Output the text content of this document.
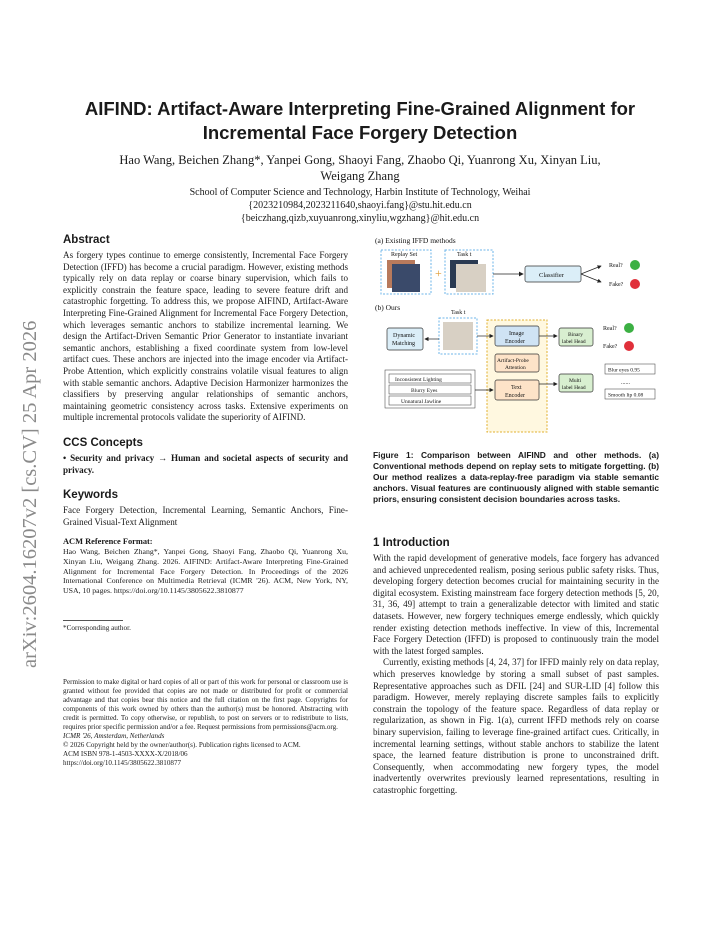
arXiv:2604.16207v2 [cs.CV] 25 Apr 2026
AIFIND: Artifact-Aware Interpreting Fine-Grained Alignment for Incremental Face Forgery Detection
Hao Wang, Beichen Zhang*, Yanpei Gong, Shaoyi Fang, Zhaobo Qi, Yuanrong Xu, Xinyan Liu,
Weigang Zhang
School of Computer Science and Technology, Harbin Institute of Technology, Weihai
{2023210984,2023211640,shaoyi.fang}@stu.hit.edu.cn
{beiczhang,qizb,xuyuanrong,xinyliu,wgzhang}@hit.edu.cn
Abstract

As forgery types continue to emerge consistently, Incremental Face Forgery Detection (IFFD) has become a crucial paradigm. However, existing methods typically rely on data replay or coarse binary supervision, which fails to explicitly constrain the feature space, leading to severe feature drift and catastrophic forgetting. To address this, we propose AIFIND, Artifact-Aware Interpreting Fine-Grained Alignment for Incremental Face Forgery Detection, which leverages semantic anchors to stabilize incremental learning. We design the Artifact-Driven Semantic Prior Generator to instantiate invariant semantic anchors, establishing a fixed coordinate system from low-level artifact cues. These anchors are injected into the image encoder via Artifact-Probe Attention, which explicitly constrains volatile visual features to align with stable semantic anchors. Adaptive Decision Harmonizer harmonizes the classifiers by preserving angular relationships of semantic anchors, maintaining geometric consistency across tasks. Extensive experiments on multiple incremental protocols validate the superiority of AIFIND.

CCS Concepts

• Security and privacy → Human and societal aspects of security and privacy.

Keywords

Face Forgery Detection, Incremental Learning, Semantic Anchors, Fine-Grained Visual-Text Alignment

ACM Reference Format:

Hao Wang, Beichen Zhang*, Yanpei Gong, Shaoyi Fang, Zhaobo Qi, Yuanrong Xu, Xinyan Liu, Weigang Zhang. 2026. AIFIND: Artifact-Aware Interpreting Fine-Grained Alignment for Incremental Face Forgery Detection. In Proceedings of the 2026 International Conference on Multimedia Retrieval (ICMR '26). ACM, New York, NY, USA, 10 pages. https://doi.org/10.1145/3805622.3810877

*Corresponding author.

Permission to make digital or hard copies of all or part of this work for personal or classroom use is granted without fee provided that copies are not made or distributed for profit or commercial advantage and that copies bear this notice and the full citation on the first page. Copyrights for components of this work owned by others than the author(s) must be honored. Abstracting with credit is permitted. To copy otherwise, or republish, to post on servers or to redistribute to lists, requires prior specific permission and/or a fee. Request permissions from permissions@acm.org.

ICMR '26, Amsterdam, Netherlands

© 2026 Copyright held by the owner/author(s). Publication rights licensed to ACM.

ACM ISBN 978-1-4503-XXXX-X/2018/06

https://doi.org/10.1145/3805622.3810877

(a) Existing IFFD methods
Replay Set
+
Task t
Classifier
Real?
Fake?
(b) Ours
Task t
Dynamic
Matching
Image
Encoder
Artifact-Probe
Attention
Text
Encoder
Inconsistent Lighting
Blurry Eyes
Unnatural Jawline
Binary
label Head
Real?
Fake?
Multi
label Head
Blur eyes 0.95
......
Smooth lip 0.08

Figure 1: Comparison between AIFIND and other methods. (a) Conventional methods depend on replay sets to mitigate forgetting. (b) Our method realizes a data-replay-free paradigm via stable semantic anchors. Visual features are continuously aligned with stable semantic priors, ensuring consistent decision boundaries across tasks.

1 Introduction

With the rapid development of generative models, face forgery has advanced and achieved unprecedented realism, posing serious public safety risks. Thus, developing forgery detection becomes crucial for maintaining security in the digital ecosystem. Existing mainstream face forgery detection methods [5, 20, 31, 36, 49] attempt to train a generalizable detector with limited and static datasets. However, new forgery techniques emerge endlessly, which quickly render existing detection methods ineffective. In view of this, Incremental Face Forgery Detection (IFFD) is proposed to continuously train the model with the latest forged samples.

Currently, existing methods [4, 24, 37] for IFFD mainly rely on data replay, which preserves knowledge by storing a small subset of past samples. Representative approaches such as DFIL [24] and SUR-LID [4] follow this paradigm. However, merely replaying discrete samples fails to explicitly constrain the topology of the feature space. Regardless of data replay or regularization, as shown in Fig. 1(a), current IFFD methods rely on coarse binary supervision, failing to leverage fine-grained artifact cues. Critically, in incremental learning settings, without stable anchors to stabilize the latent space, the learned feature distribution is prone to unconstrained drift. Consequently, when accommodating new forgery types, the model inadvertently overwrites previously learned representations, resulting in catastrophic forgetting.
